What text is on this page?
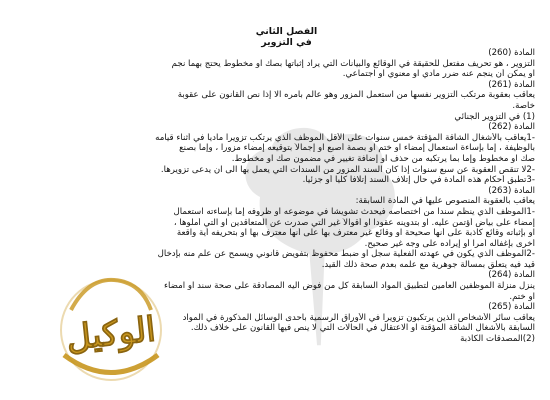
الوكيل
الفصل الثاني
في التزوير
المادة (260)
التزوير ، هو تحريف مفتعل للحقيقة في الوقائع والبيانات التي يراد إثباتها بصك او مخطوط يحتج بهما نجم
او يمكن أن ينجم عنه ضرر مادي او معنوي او اجتماعي.
المادة (261)
يعاقب بعقوبة مرتكب التزوير نفسها من استعمل المزور وهو عالم بأمره الا إذا نص القانون على عقوبة
خاصة.
(1) في التزوير الجنائي
المادة (262)
-1يعاقب بالأشغال الشاقة المؤقتة خمس سنوات على الأقل الموظف الذي يرتكب تزويراً مادياً في أثناء قيامه
بالوظيفة ، إما بإساءة استعمال إمضاء او ختم او بصمة أصبع او إجمالاً بتوقيعه إمضاء مزوراً ، وإما بصنع
صك او مخطوط وإما بما يرتكبه من حذف او إضافة تغيير في مضمون صك او مخطوط.
-2لا تنقص العقوبة عن سبع سنوات إذا كان السند المزور من السندات التي يعمل بها الى ان يدعى تزويرها.
-3تطبق أحكام هذه المادة في حال إتلاف السند إتلافاً كلياً أو جزئياً.
المادة (263)
يعاقب بالعقوبة المنصوص عليها في المادة السابقة:
-1الموظف الذي ينظم سنداً من اختصاصه فيحدث تشويشاً في موضوعه او ظروفه إما بإساءته استعمال
إمضاء على بياض أؤتمن عليه. او بتدوينه عقوداً او أقوالاً غير التي صدرت عن المتعاقدين او التي أملوها ،
او بإثباته وقائع كاذبة على أنها صحيحة او وقائع غير معترف بها على أنها معترف بها او بتحريفه أية واقعة
أخرى بإغفاله أمراً أو إيراده على وجه غير صحيح.
-2الموظف الذي يكون في عهدته الفعلية سجل او ضبط محفوظ بتفويض قانوني ويسمح عن علم منه بإدخال
قيد فيه يتعلق بمسألة جوهرية مع علمه بعدم صحة ذلك القيد.
المادة (264)
ينزل منزلة الموظفين العامين لتطبيق المواد السابقة كل من فوض اليه المصادقة على صحة سند او امضاء
او ختم.
المادة (265)
يعاقب سائر الأشخاص الذين يرتكبون تزويراً في الأوراق الرسمية بأحدى الوسائل المذكورة في المواد
السابقة بالأشغال الشاقة المؤقتة او الاعتقال في الحالات التي لا ينص فيها القانون على خلاف ذلك.
(2)المصدقات الكاذبة
